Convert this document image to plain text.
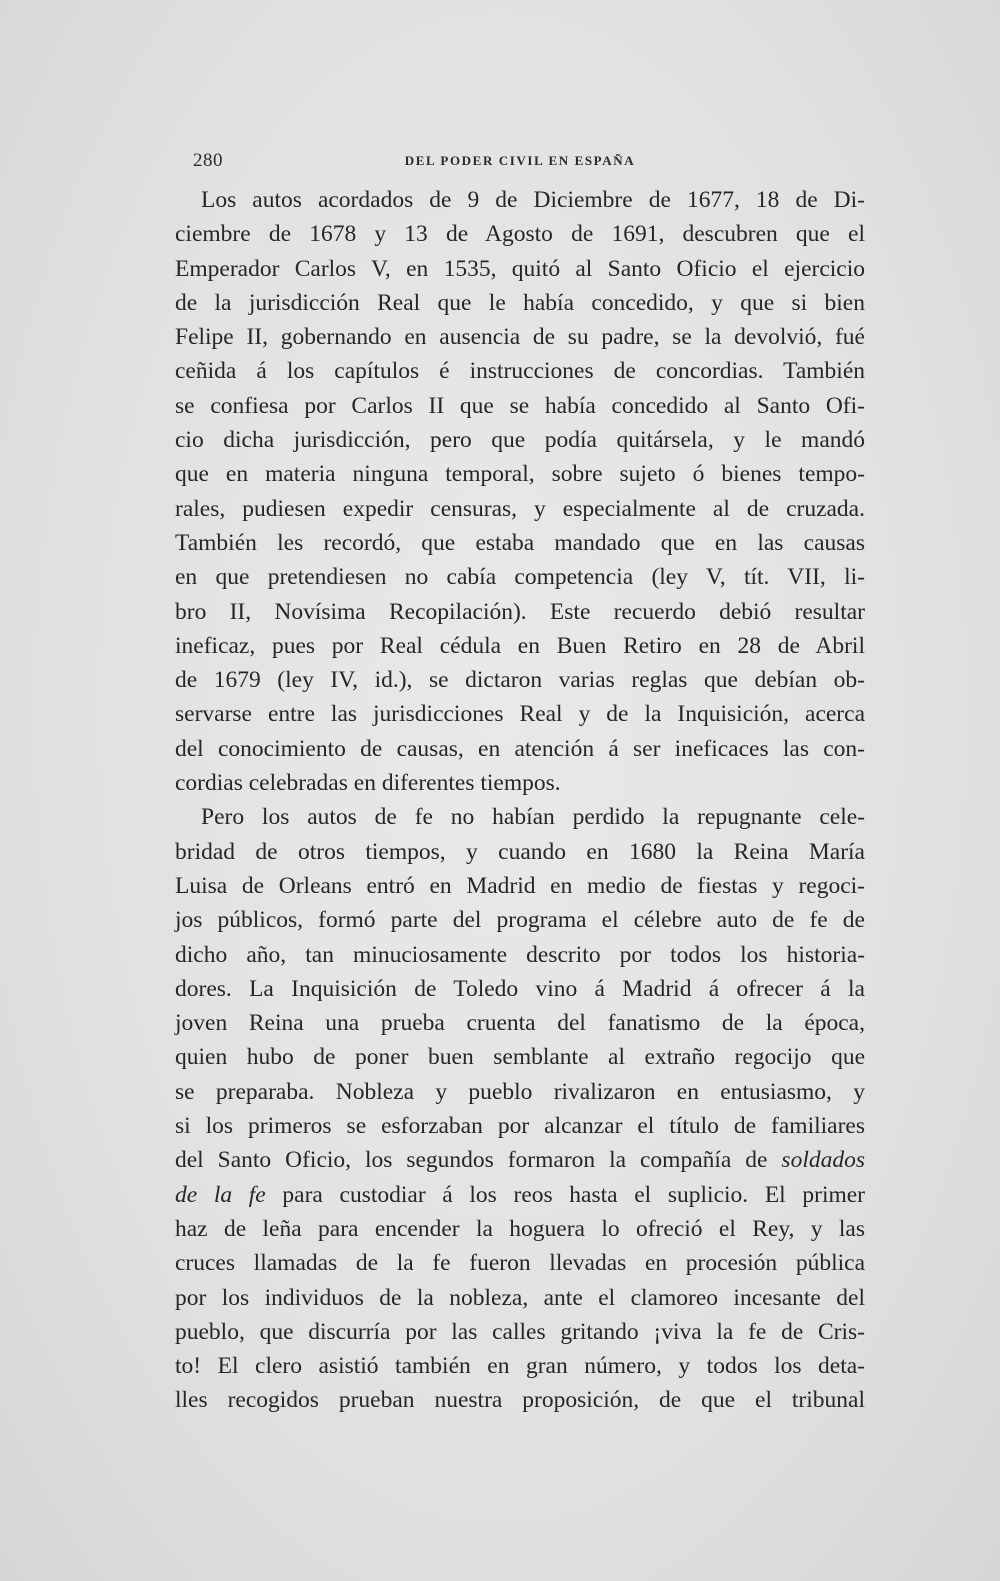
280	DEL PODER CIVIL EN ESPAÑA
Los autos acordados de 9 de Diciembre de 1677, 18 de Di-
ciembre de 1678 y 13 de Agosto de 1691, descubren que el
Emperador Carlos V, en 1535, quitó al Santo Oficio el ejercicio
de la jurisdicción Real que le había concedido, y que si bien
Felipe II, gobernando en ausencia de su padre, se la devolvió, fué
ceñida á los capítulos é instrucciones de concordias. También
se confiesa por Carlos II que se había concedido al Santo Ofi-
cio dicha jurisdicción, pero que podía quitársela, y le mandó
que en materia ninguna temporal, sobre sujeto ó bienes tempo-
rales, pudiesen expedir censuras, y especialmente al de cruzada.
También les recordó, que estaba mandado que en las causas
en que pretendiesen no cabía competencia (ley V, tít. VII, li-
bro II, Novísima Recopilación). Este recuerdo debió resultar
ineficaz, pues por Real cédula en Buen Retiro en 28 de Abril
de 1679 (ley IV, id.), se dictaron varias reglas que debían ob-
servarse entre las jurisdicciones Real y de la Inquisición, acerca
del conocimiento de causas, en atención á ser ineficaces las con-
cordias celebradas en diferentes tiempos.
Pero los autos de fe no habían perdido la repugnante cele-
bridad de otros tiempos, y cuando en 1680 la Reina María
Luisa de Orleans entró en Madrid en medio de fiestas y regoci-
jos públicos, formó parte del programa el célebre auto de fe de
dicho año, tan minuciosamente descrito por todos los historia-
dores. La Inquisición de Toledo vino á Madrid á ofrecer á la
joven Reina una prueba cruenta del fanatismo de la época,
quien hubo de poner buen semblante al extraño regocijo que
se preparaba. Nobleza y pueblo rivalizaron en entusiasmo, y
si los primeros se esforzaban por alcanzar el título de familiares
del Santo Oficio, los segundos formaron la compañía de soldados
de la fe para custodiar á los reos hasta el suplicio. El primer
haz de leña para encender la hoguera lo ofreció el Rey, y las
cruces llamadas de la fe fueron llevadas en procesión pública
por los individuos de la nobleza, ante el clamoreo incesante del
pueblo, que discurría por las calles gritando ¡viva la fe de Cris-
to! El clero asistió también en gran número, y todos los deta-
lles recogidos prueban nuestra proposición, de que el tribunal
